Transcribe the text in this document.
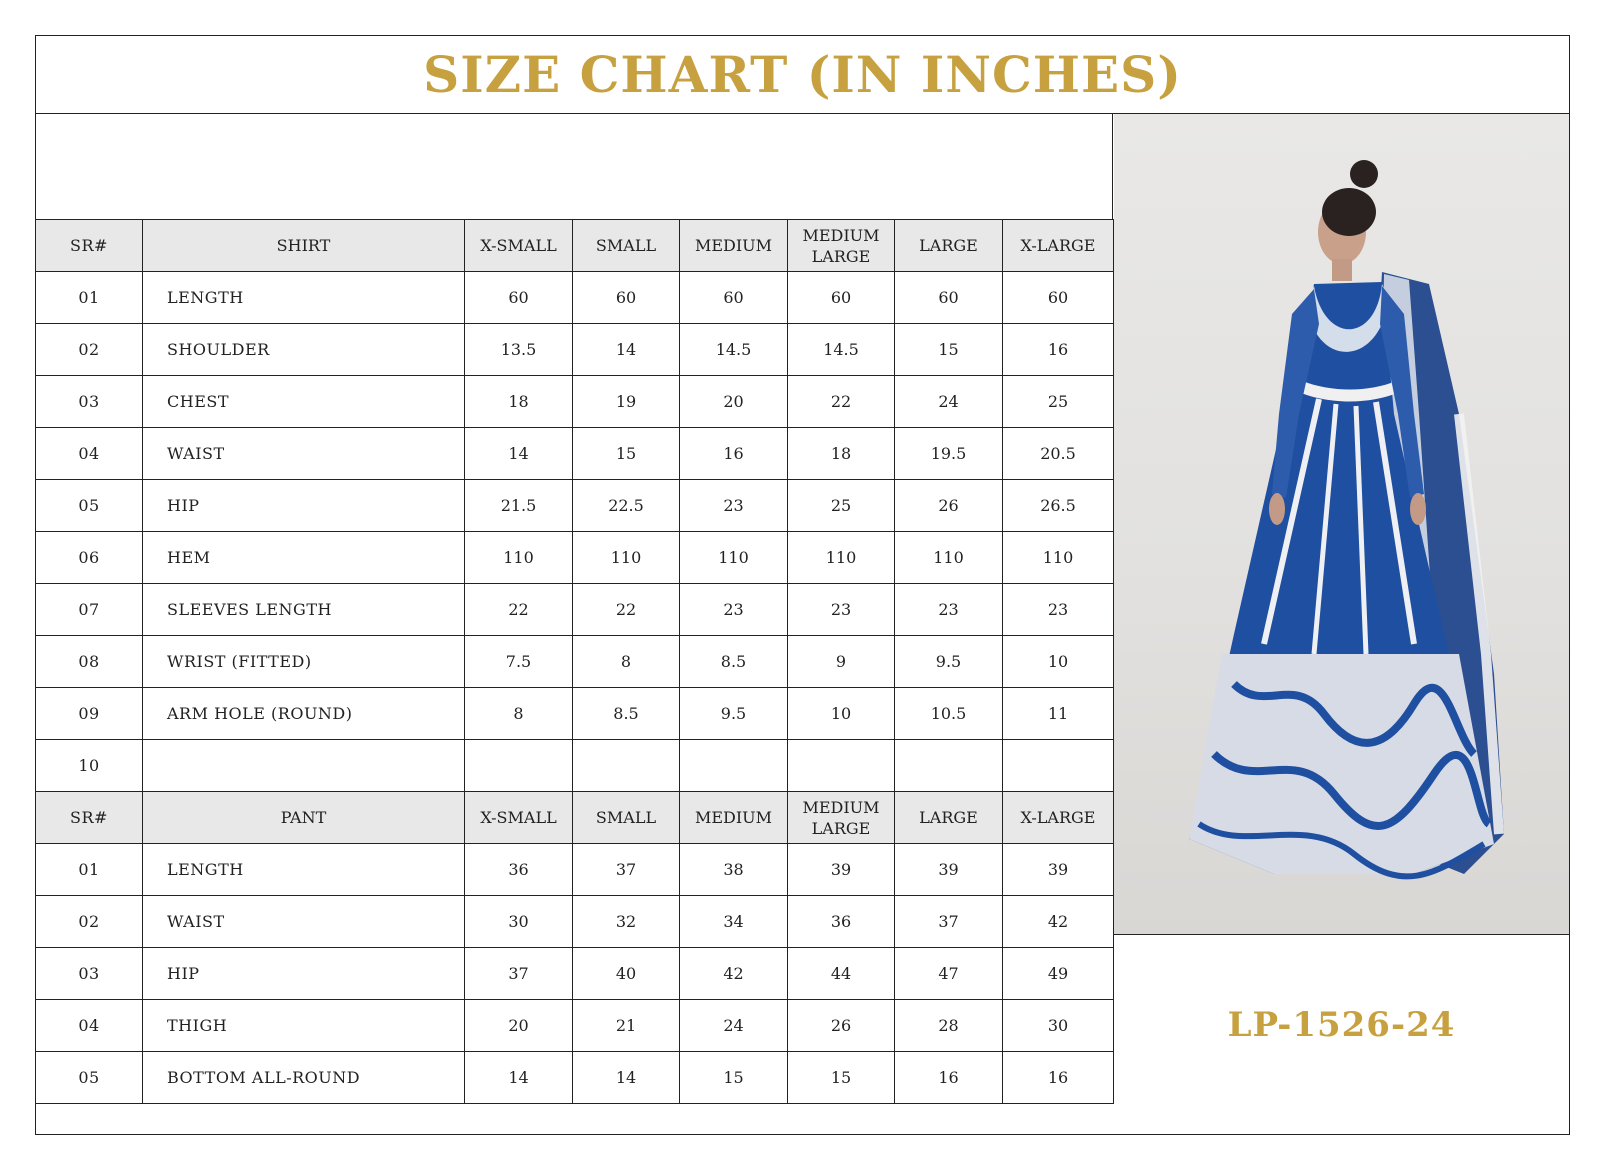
SIZE CHART (IN INCHES)
SR#	SHIRT	X-SMALL	SMALL	MEDIUM	MEDIUM LARGE	LARGE	X-LARGE
01	LENGTH	60	60	60	60	60	60
02	SHOULDER	13.5	14	14.5	14.5	15	16
03	CHEST	18	19	20	22	24	25
04	WAIST	14	15	16	18	19.5	20.5
05	HIP	21.5	22.5	23	25	26	26.5
06	HEM	110	110	110	110	110	110
07	SLEEVES LENGTH	22	22	23	23	23	23
08	WRIST (FITTED)	7.5	8	8.5	9	9.5	10
09	ARM HOLE (ROUND)	8	8.5	9.5	10	10.5	11
10							
SR#	PANT	X-SMALL	SMALL	MEDIUM	MEDIUM LARGE	LARGE	X-LARGE
01	LENGTH	36	37	38	39	39	39
02	WAIST	30	32	34	36	37	42
03	HIP	37	40	42	44	47	49
04	THIGH	20	21	24	26	28	30
05	BOTTOM ALL-ROUND	14	14	15	15	16	16
LP-1526-24
